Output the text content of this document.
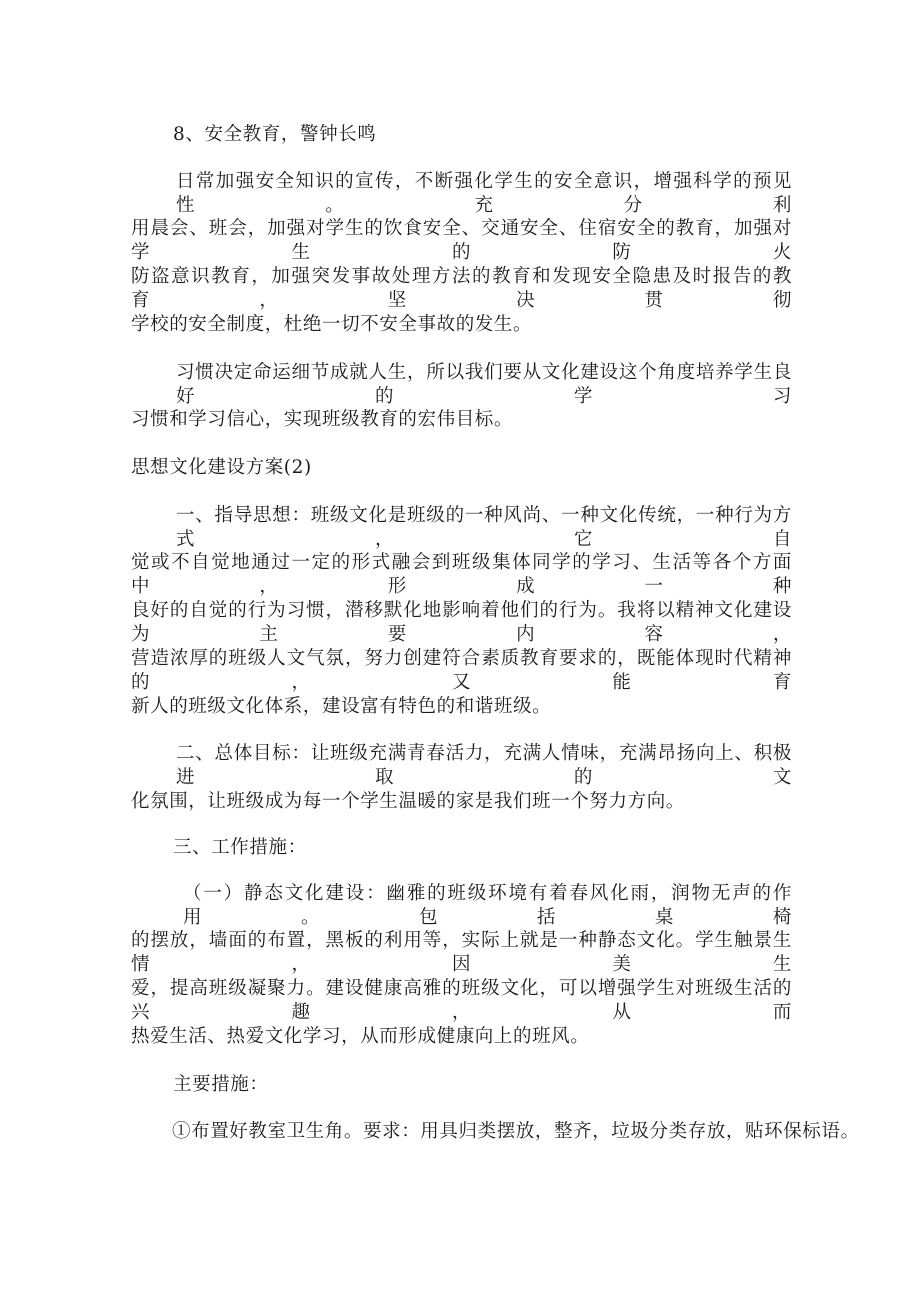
8、安全教育，警钟长鸣

日常加强安全知识的宣传，不断强化学生的安全意识，增强科学的预见性。充分利

用晨会、班会，加强对学生的饮食安全、交通安全、住宿安全的教育，加强对学生的防火

防盗意识教育，加强突发事故处理方法的教育和发现安全隐患及时报告的教育，坚决贯彻

学校的安全制度，杜绝一切不安全事故的发生。

习惯决定命运细节成就人生，所以我们要从文化建设这个角度培养学生良好的学习

习惯和学习信心，实现班级教育的宏伟目标。

思想文化建设方案(2)

一、指导思想：班级文化是班级的一种风尚、一种文化传统，一种行为方式，它自

觉或不自觉地通过一定的形式融会到班级集体同学的学习、生活等各个方面中，形成一种

良好的自觉的行为习惯，潜移默化地影响着他们的行为。我将以精神文化建设为主要内容，

营造浓厚的班级人文气氛，努力创建符合素质教育要求的，既能体现时代精神的，又能育

新人的班级文化体系，建设富有特色的和谐班级。

二、总体目标：让班级充满青春活力，充满人情味，充满昂扬向上、积极进取的文

化氛围，让班级成为每一个学生温暖的家是我们班一个努力方向。

三、工作措施：

（一）静态文化建设：幽雅的班级环境有着春风化雨，润物无声的作用。包括桌椅

的摆放，墙面的布置，黑板的利用等，实际上就是一种静态文化。学生触景生情，因美生

爱，提高班级凝聚力。建设健康高雅的班级文化，可以增强学生对班级生活的兴趣，从而

热爱生活、热爱文化学习，从而形成健康向上的班风。

主要措施：

①布置好教室卫生角。要求：用具归类摆放，整齐，垃圾分类存放，贴环保标语。
